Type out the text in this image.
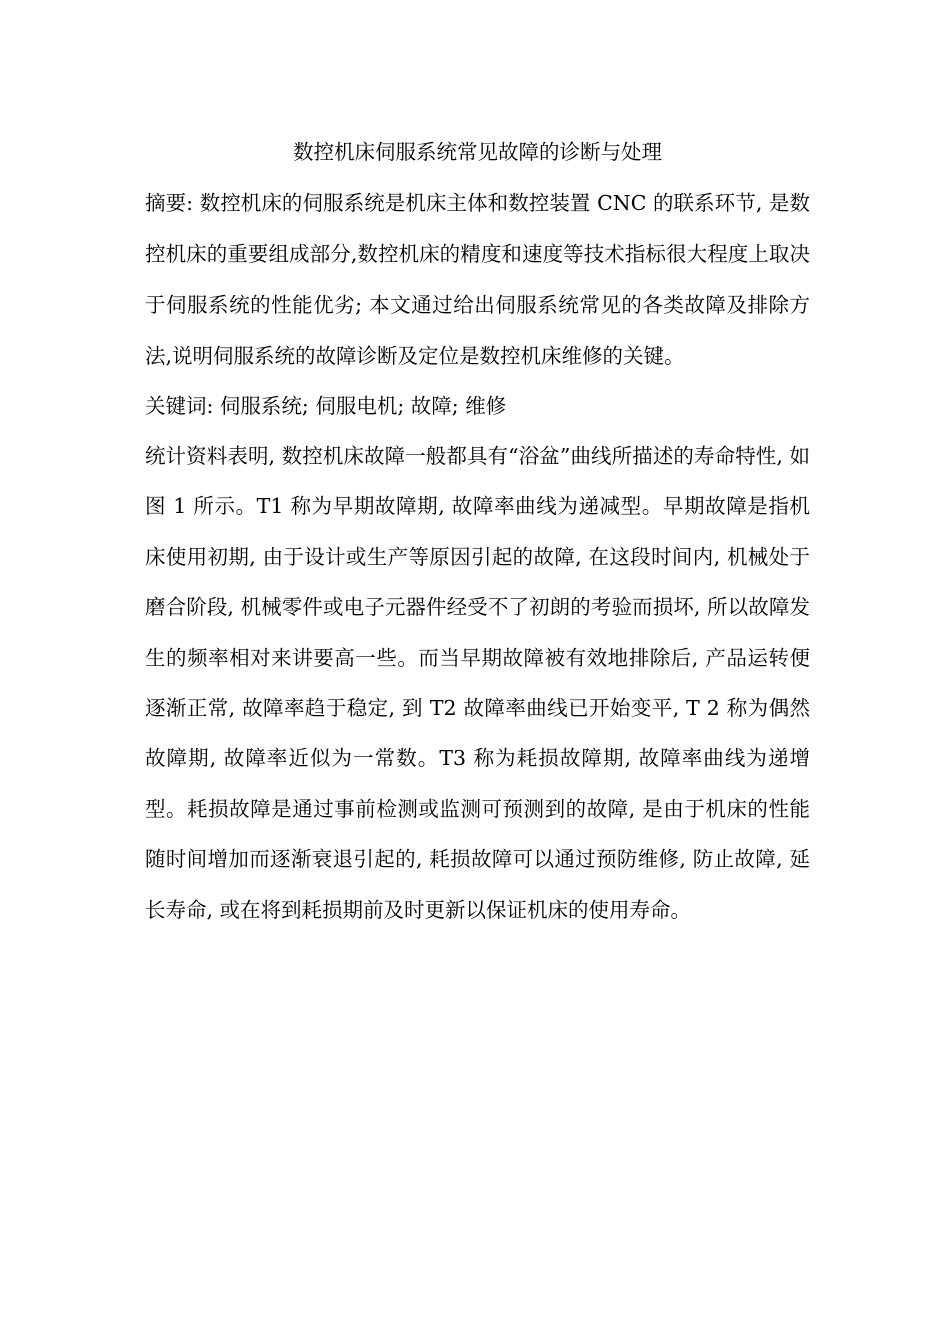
数控机床伺服系统常见故障的诊断与处理

摘要: 数控机床的伺服系统是机床主体和数控装置 CNC 的联系环节, 是数控机床的重要组成部分,数控机床的精度和速度等技术指标很大程度上取决于伺服系统的性能优劣; 本文通过给出伺服系统常见的各类故障及排除方法,说明伺服系统的故障诊断及定位是数控机床维修的关键。

关键词: 伺服系统; 伺服电机; 故障; 维修

统计资料表明, 数控机床故障一般都具有“浴盆”曲线所描述的寿命特性, 如图 1 所示。T1 称为早期故障期, 故障率曲线为递减型。早期故障是指机床使用初期, 由于设计或生产等原因引起的故障, 在这段时间内, 机械处于磨合阶段, 机械零件或电子元器件经受不了初朗的考验而损坏, 所以故障发生的频率相对来讲要高一些。而当早期故障被有效地排除后, 产品运转便逐渐正常, 故障率趋于稳定, 到 T2 故障率曲线已开始变平, T 2 称为偶然故障期, 故障率近似为一常数。T3 称为耗损故障期, 故障率曲线为递增型。耗损故障是通过事前检测或监测可预测到的故障, 是由于机床的性能随时间增加而逐渐衰退引起的, 耗损故障可以通过预防维修, 防止故障, 延长寿命, 或在将到耗损期前及时更新以保证机床的使用寿命。
